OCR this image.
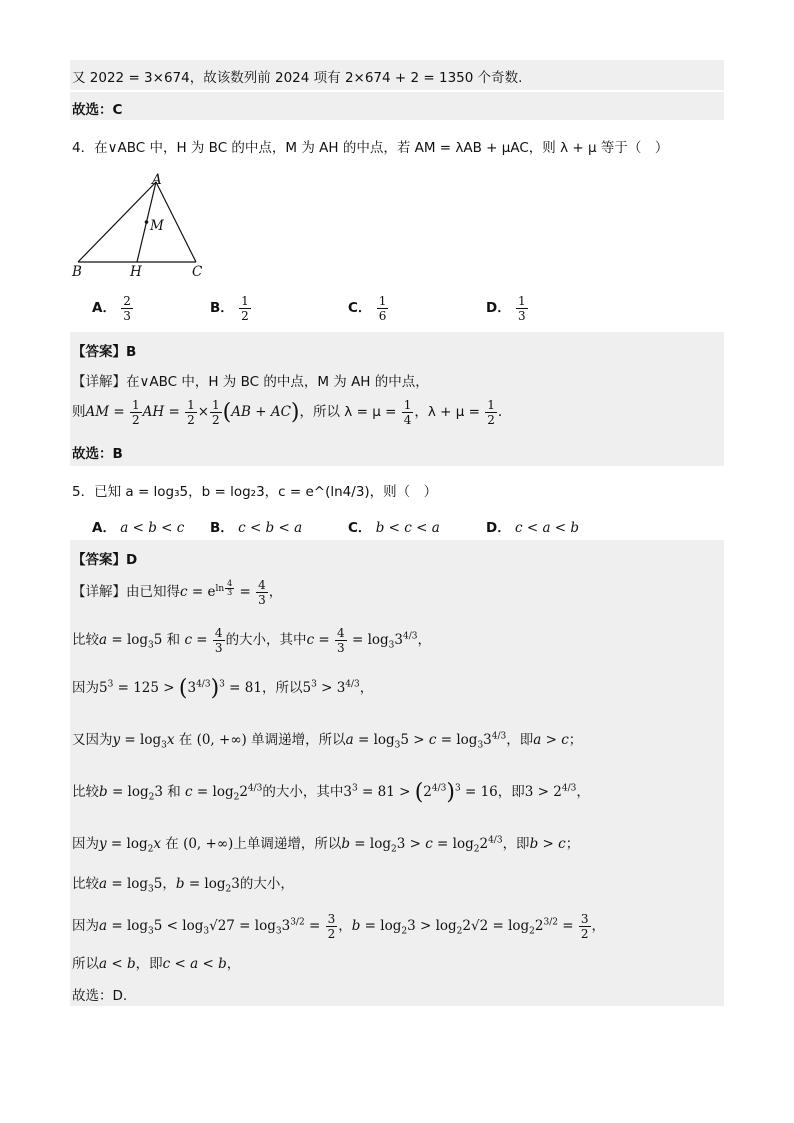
又 2022 = 3×674，故该数列前 2024 项有 2×674 + 2 = 1350 个奇数.
故选：C
4．在∨ABC 中，H 为 BC 的中点，M 为 AH 的中点，若 AM = λAB + μAC，则 λ + μ 等于（　）
A
M
B	H	C
A． $\frac{2}{3}$	B． $\frac{1}{2}$	C． $\frac{1}{6}$	D． $\frac{1}{3}$
【答案】B
【详解】在∨ABC 中，H 为 BC 的中点，M 为 AH 的中点，
则AM = $\frac{1}{2}$ AH = $\frac{1}{2} \times \frac{1}{2} (AB + AC)$，所以 $\lambda = \mu = \frac{1}{4}$ ，$\lambda + \mu = \frac{1}{2}$ .
故选：B
5．已知 a = log₃5，b = log₂3，c = e^(ln4/3)，则（　）
A． a < b < c B． c < b < a	C． b < c < a	D． c < a < b
【答案】D
【详解】由已知得$c = e^{ln \frac{4}{3}} = \frac{4}{3}$ ，
比较$a = \log_35$ 和 $c = \frac{4}{3}$ 的大小，其中$c = \frac{4}{3} = \log_33^{4/3}$，
因为$5^3 = 125 > (3^{4/3})^3 = 81$，所以$5^3 > 3^{4/3}$，
又因为$y = \log_3x$ 在 (0, +∞) 单调递增，所以$a = \log_35 > c = \log_33^{4/3}$，即a > c；
比较$b = \log_23$ 和 $c = \log_22^{4/3}$的大小，其中$3^3 = 81 > (2^{4/3})^3 = 16$，即$3 > 2^{4/3}$，
因为$y = \log_2x$ 在 (0, +∞)上单调递增，所以$b = \log_23 > c = \log_22^{4/3}$，即b > c；
比较$a = \log_35$，$b = \log_23$的大小，
因为$a = \log_35 < \log_3√27 = \log_33^{3/2} = \frac{3}{2}$ ，$b = \log_23 > \log_22√2 = \log_22^{3/2} = \frac{3}{2}$ ，
所以a < b，即c < a < b，
故选：D.
